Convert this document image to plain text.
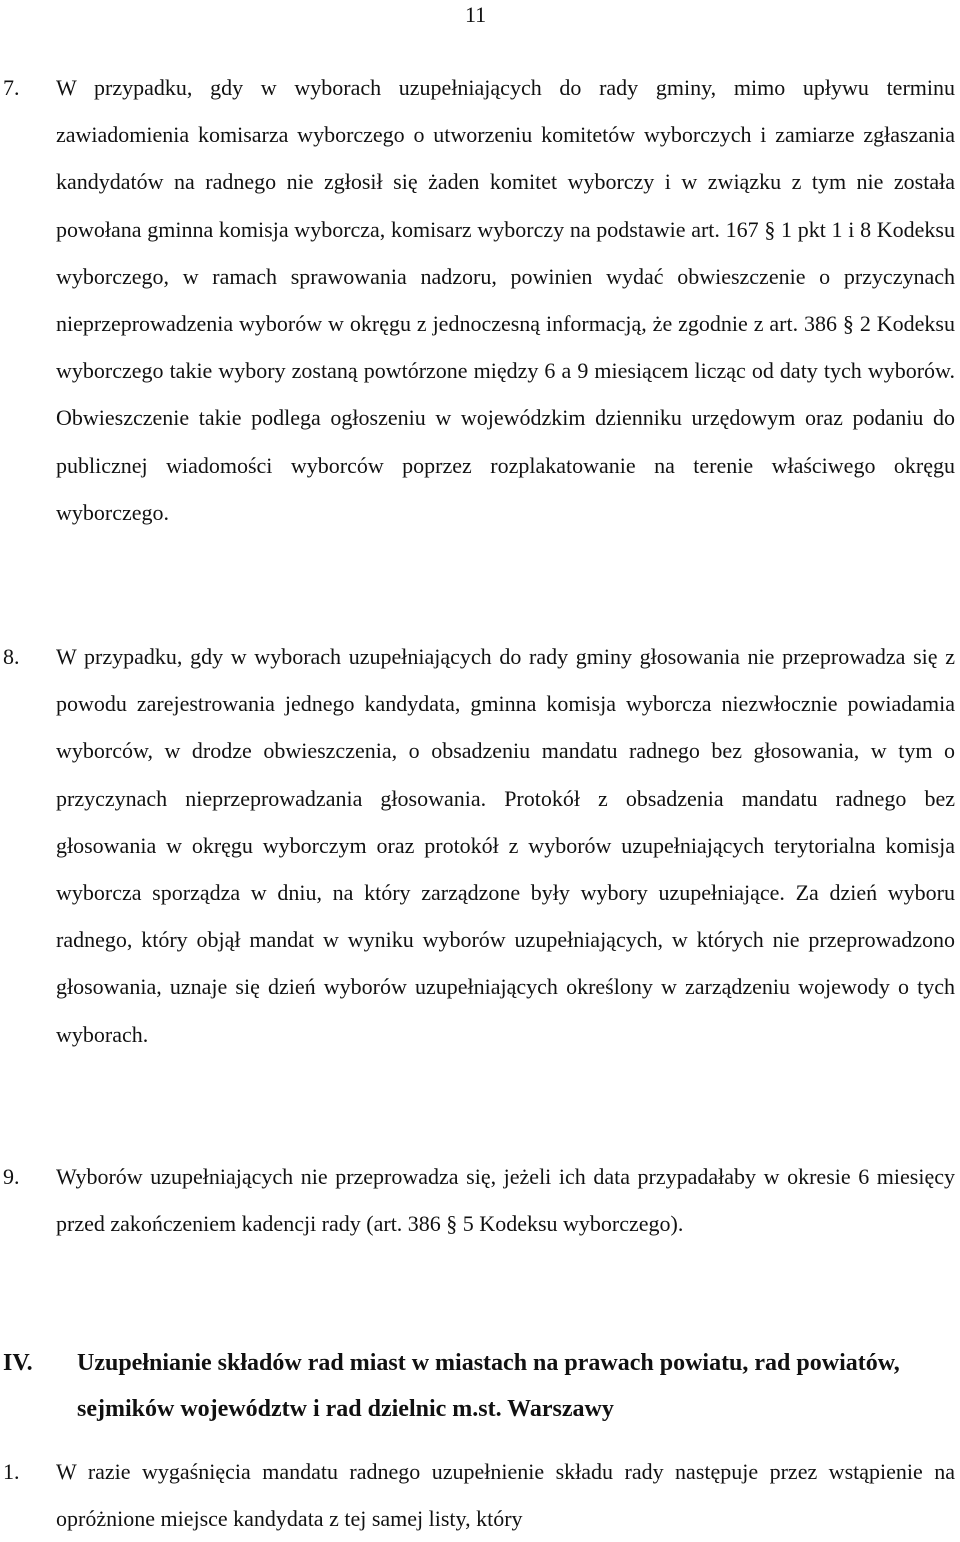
11
7. W przypadku, gdy w wyborach uzupełniających do rady gminy, mimo upływu terminu zawiadomienia komisarza wyborczego o utworzeniu komitetów wyborczych i zamiarze zgłaszania kandydatów na radnego nie zgłosił się żaden komitet wyborczy i w związku z tym nie została powołana gminna komisja wyborcza, komisarz wyborczy na podstawie art. 167 § 1 pkt 1 i 8 Kodeksu wyborczego, w ramach sprawowania nadzoru, powinien wydać obwieszczenie o przyczynach nieprzeprowadzenia wyborów w okręgu z jednoczesną informacją, że zgodnie z art. 386 § 2 Kodeksu wyborczego takie wybory zostaną powtórzone między 6 a 9 miesiącem licząc od daty tych wyborów. Obwieszczenie takie podlega ogłoszeniu w wojewódzkim dzienniku urzędowym oraz podaniu do publicznej wiadomości wyborców poprzez rozplakatowanie na terenie właściwego okręgu wyborczego.

8. W przypadku, gdy w wyborach uzupełniających do rady gminy głosowania nie przeprowadza się z powodu zarejestrowania jednego kandydata, gminna komisja wyborcza niezwłocznie powiadamia wyborców, w drodze obwieszczenia, o obsadzeniu mandatu radnego bez głosowania, w tym o przyczynach nieprzeprowadzania głosowania. Protokół z obsadzenia mandatu radnego bez głosowania w okręgu wyborczym oraz protokół z wyborów uzupełniających terytorialna komisja wyborcza sporządza w dniu, na który zarządzone były wybory uzupełniające. Za dzień wyboru radnego, który objął mandat w wyniku wyborów uzupełniających, w których nie przeprowadzono głosowania, uznaje się dzień wyborów uzupełniających określony w zarządzeniu wojewody o tych wyborach.

9. Wyborów uzupełniających nie przeprowadza się, jeżeli ich data przypadałaby w okresie 6 miesięcy przed zakończeniem kadencji rady (art. 386 § 5 Kodeksu wyborczego).

IV. Uzupełnianie składów rad miast w miastach na prawach powiatu, rad powiatów, sejmików województw i rad dzielnic m.st. Warszawy

1. W razie wygaśnięcia mandatu radnego uzupełnienie składu rady następuje przez wstąpienie na opróżnione miejsce kandydata z tej samej listy, który
